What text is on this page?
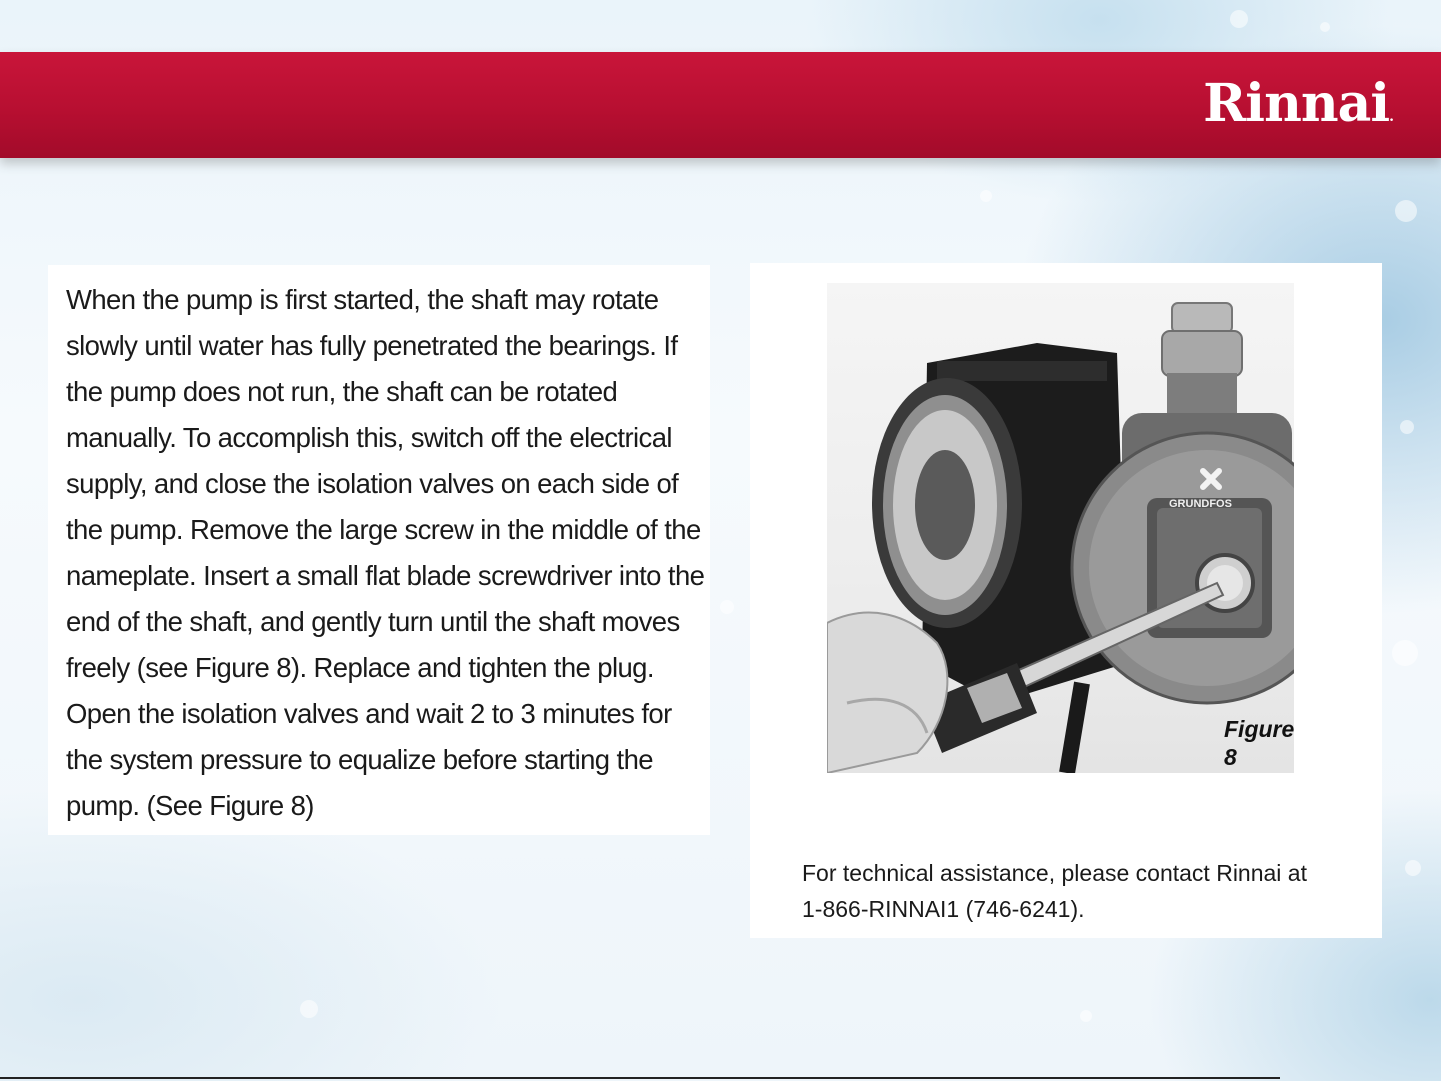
Rinnai.

When the pump is first started, the shaft may rotate slowly until water has fully penetrated the bearings. If the pump does not run, the shaft can be rotated manually. To accomplish this, switch off the electrical supply, and close the isolation valves on each side of the pump. Remove the large screw in the middle of the nameplate. Insert a small flat blade screwdriver into the end of the shaft, and gently turn until the shaft moves freely (see Figure 8). Replace and tighten the plug. Open the isolation valves and wait 2 to 3 minutes for the system pressure to equalize before starting the pump. (See Figure 8)

GRUNDFOS
Figure 8
For technical assistance, please contact Rinnai at
1-866-RINNAI1 (746-6241).
